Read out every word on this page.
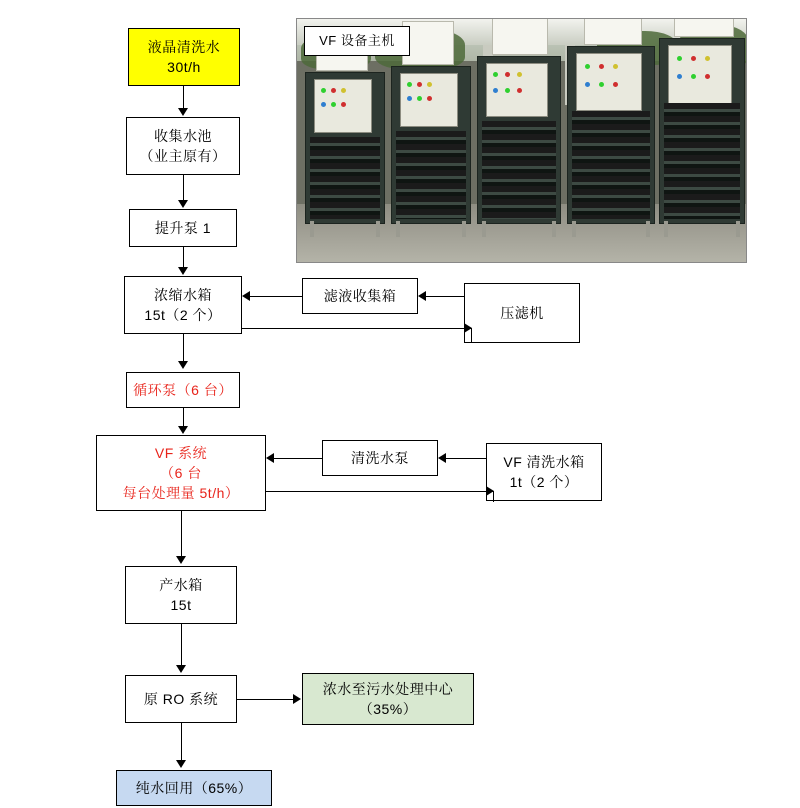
VF 设备主机
液晶清洗水
30t/h
收集水池
（业主原有）
提升泵 1
浓缩水箱
15t（2 个）
滤液收集箱
压滤机
循环泵（6 台）
VF 系统
（6 台
每台处理量 5t/h）
清洗水泵	VF 清洗水箱
1t（2 个）
产水箱
15t
原 RO 系统
浓水至污水处理中心
（35%）
纯水回用（65%）
